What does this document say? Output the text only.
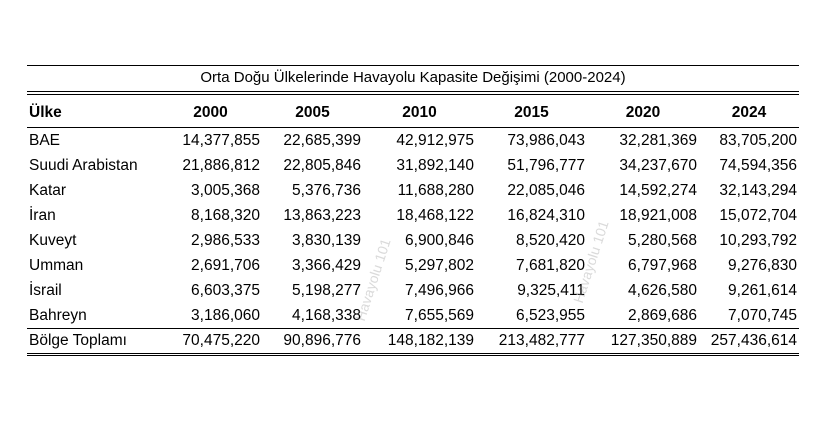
Orta Doğu Ülkelerinde Havayolu Kapasite Değişimi (2000-2024)
Ülke	2000	2005	2010	2015	2020	2024
BAE	14,377,855	22,685,399	42,912,975	73,986,043	32,281,369	83,705,200
Suudi Arabistan	21,886,812	22,805,846	31,892,140	51,796,777	34,237,670	74,594,356
Katar	3,005,368	5,376,736	11,688,280	22,085,046	14,592,274	32,143,294
İran	8,168,320	13,863,223	18,468,122	16,824,310	18,921,008	15,072,704
Kuveyt	2,986,533	3,830,139	6,900,846	8,520,420	5,280,568	10,293,792
Umman	2,691,706	3,366,429	5,297,802	7,681,820	6,797,968	9,276,830
İsrail	6,603,375	5,198,277	7,496,966	9,325,411	4,626,580	9,261,614
Bahreyn	3,186,060	4,168,338	7,655,569	6,523,955	2,869,686	7,070,745
Bölge Toplamı	70,475,220	90,896,776	148,182,139	213,482,777	127,350,889	257,436,614
Havayolu 101	Havayolu 101
